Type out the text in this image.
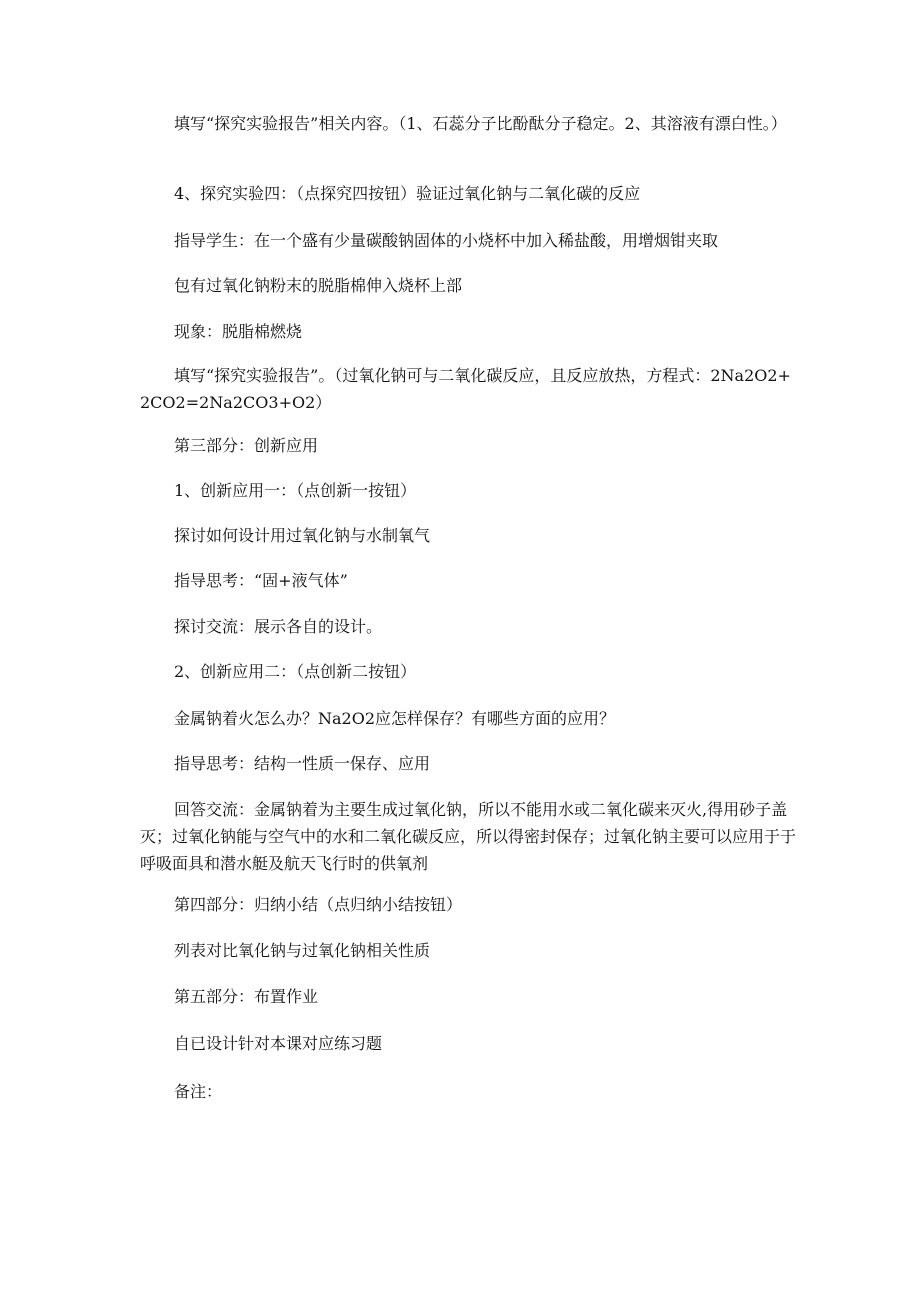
填写“探究实验报告”相关内容。（1、石蕊分子比酚酞分子稳定。2、其溶液有漂白性。）

4、探究实验四：（点探究四按钮）验证过氧化钠与二氧化碳的反应

指导学生：在一个盛有少量碳酸钠固体的小烧杯中加入稀盐酸，用增烟钳夹取

包有过氧化钠粉末的脱脂棉伸入烧杯上部

现象：脱脂棉燃烧

填写“探究实验报告”。（过氧化钠可与二氧化碳反应，且反应放热，方程式：2Na2O2+2CO2=2Na2CO3+O2）

第三部分：创新应用

1、创新应用一：（点创新一按钮）

探讨如何设计用过氧化钠与水制氧气

指导思考：“固+液气体”

探讨交流：展示各自的设计。

2、创新应用二：（点创新二按钮）

金属钠着火怎么办？Na2O2应怎样保存？有哪些方面的应用？

指导思考：结构一性质一保存、应用

回答交流：金属钠着为主要生成过氧化钠，所以不能用水或二氧化碳来灭火,得用砂子盖灭；过氧化钠能与空气中的水和二氧化碳反应，所以得密封保存；过氧化钠主要可以应用于于呼吸面具和潜水艇及航天飞行时的供氧剂

第四部分：归纳小结（点归纳小结按钮）

列表对比氧化钠与过氧化钠相关性质

第五部分：布置作业

自已设计针对本课对应练习题

备注：
